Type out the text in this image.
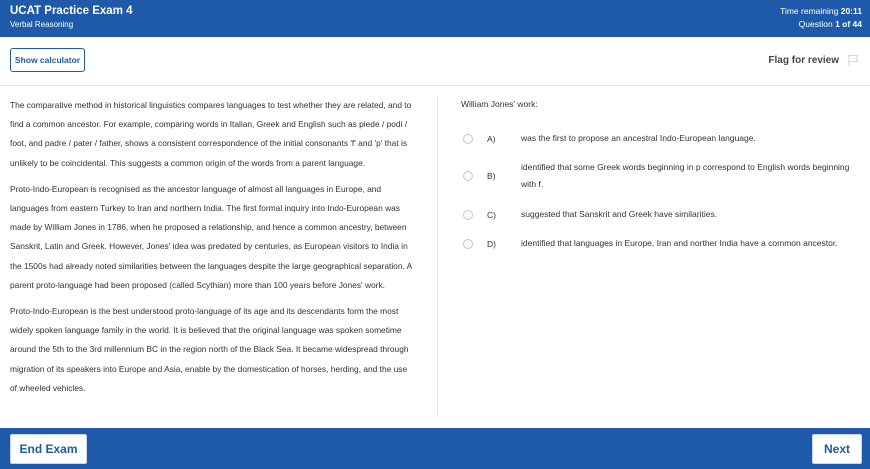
UCAT Practice Exam 4
Verbal Reasoning
Time remaining 20:11
Question 1 of 44
Show calculator	Flag for review

The comparative method in historical linguistics compares languages to test whether they are related, and to find a common ancestor. For example, comparing words in Italian, Greek and English such as piede / podi / foot, and padre / pater / father, shows a consistent correspondence of the initial consonants 'f' and 'p' that is unlikely to be coincidental. This suggests a common origin of the words from a parent language.

Proto-Indo-European is recognised as the ancestor language of almost all languages in Europe, and languages from eastern Turkey to Iran and northern India. The first formal inquiry into Indo-European was made by William Jones in 1786, when he proposed a relationship, and hence a common ancestry, between Sanskrit, Latin and Greek. However, Jones' idea was predated by centuries, as European visitors to India in the 1500s had already noted similarities between the languages despite the large geographical separation. A parent proto-language had been proposed (called Scythian) more than 100 years before Jones' work.

Proto-Indo-European is the best understood proto-language of its age and its descendants form the most widely spoken language family in the world. It is believed that the original language was spoken sometime around the 5th to the 3rd millennium BC in the region north of the Black Sea. It became widespread through migration of its speakers into Europe and Asia, enable by the domestication of horses, herding, and the use of wheeled vehicles.

William Jones' work:
A)	was the first to propose an ancestral Indo-European language.
B)
identified that some Greek words beginning in p correspond to English words beginning with f.
C)	suggested that Sanskrit and Greek have similarities.
D)	identified that languages in Europe, Iran and norther India have a common ancestor.
End Exam	Next
